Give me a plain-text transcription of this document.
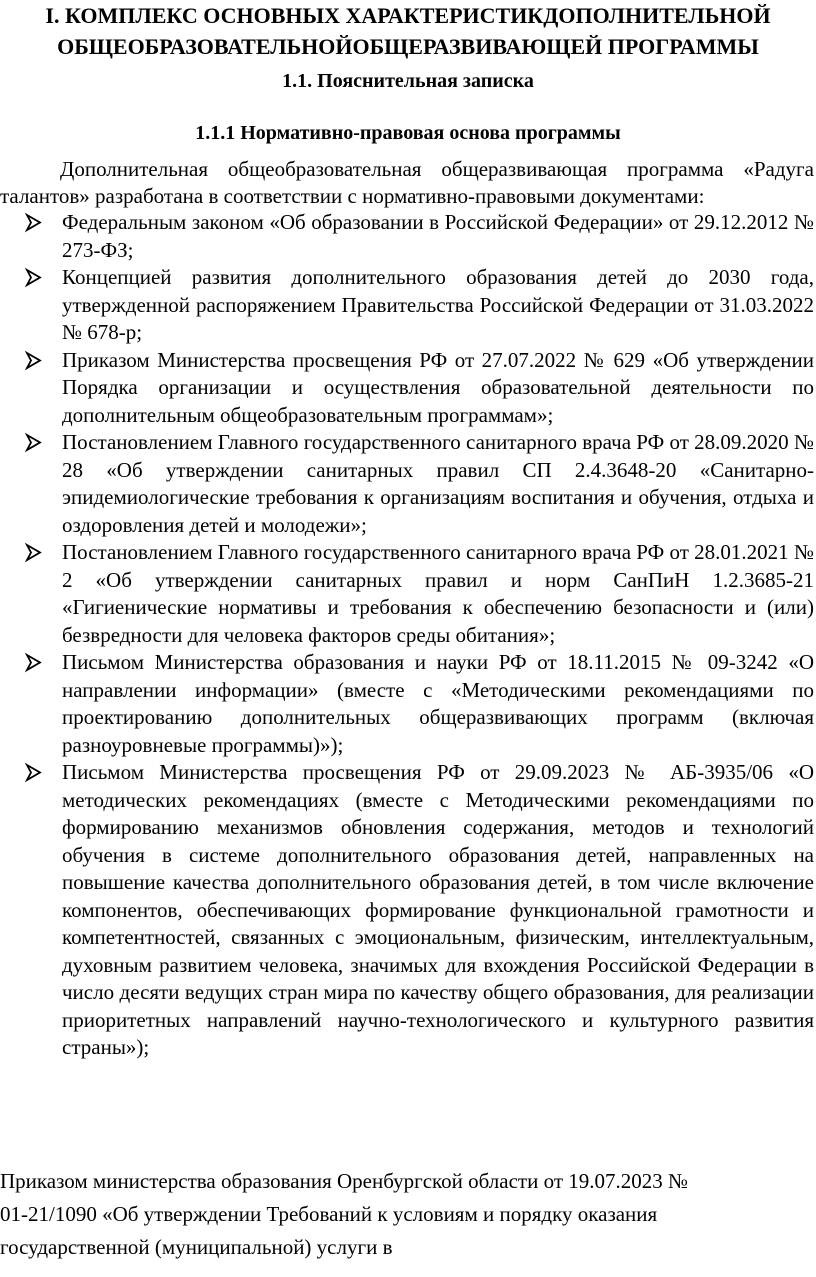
I. КОМПЛЕКС ОСНОВНЫХ ХАРАКТЕРИСТИКДОПОЛНИТЕЛЬНОЙ ОБЩЕОБРАЗОВАТЕЛЬНОЙОБЩЕРАЗВИВАЮЩЕЙ ПРОГРАММЫ
1.1. Пояснительная записка
1.1.1 Нормативно-правовая основа программы

Дополнительная общеобразовательная общеразвивающая программа «Радуга талантов» разработана в соответствии с нормативно-правовыми документами:

Федеральным законом «Об образовании в Российской Федерации» от 29.12.2012 № 273-ФЗ;
Концепцией развития дополнительного образования детей до 2030 года, утвержденной распоряжением Правительства Российской Федерации от 31.03.2022 № 678-р;
Приказом Министерства просвещения РФ от 27.07.2022 № 629 «Об утверждении Порядка организации и осуществления образовательной деятельности по дополнительным общеобразовательным программам»;
Постановлением Главного государственного санитарного врача РФ от 28.09.2020 № 28 «Об утверждении санитарных правил СП 2.4.3648-20 «Санитарно-эпидемиологические требования к организациям воспитания и обучения, отдыха и оздоровления детей и молодежи»;
Постановлением Главного государственного санитарного врача РФ от 28.01.2021 № 2 «Об утверждении санитарных правил и норм СанПиН 1.2.3685-21 «Гигиенические нормативы и требования к обеспечению безопасности и (или) безвредности для человека факторов среды обитания»;
Письмом Министерства образования и науки РФ от 18.11.2015 № 09-3242 «О направлении информации» (вместе с «Методическими рекомендациями по проектированию дополнительных общеразвивающих программ (включая разноуровневые программы)»);
Письмом Министерства просвещения РФ от 29.09.2023 № АБ-3935/06 «О методических рекомендациях (вместе с Методическими рекомендациями по формированию механизмов обновления содержания, методов и технологий обучения в системе дополнительного образования детей, направленных на повышение качества дополнительного образования детей, в том числе включение компонентов, обеспечивающих формирование функциональной грамотности и компетентностей, связанных с эмоциональным, физическим, интеллектуальным, духовным развитием человека, значимых для вхождения Российской Федерации в число десяти ведущих стран мира по качеству общего образования, для реализации приоритетных направлений научно-технологического и культурного развития страны»);
Приказом министерства образования Оренбургской области от 19.07.2023 №
01-21/1090 «Об утверждении Требований к условиям и порядку оказания
государственной (муниципальной) услуги в
